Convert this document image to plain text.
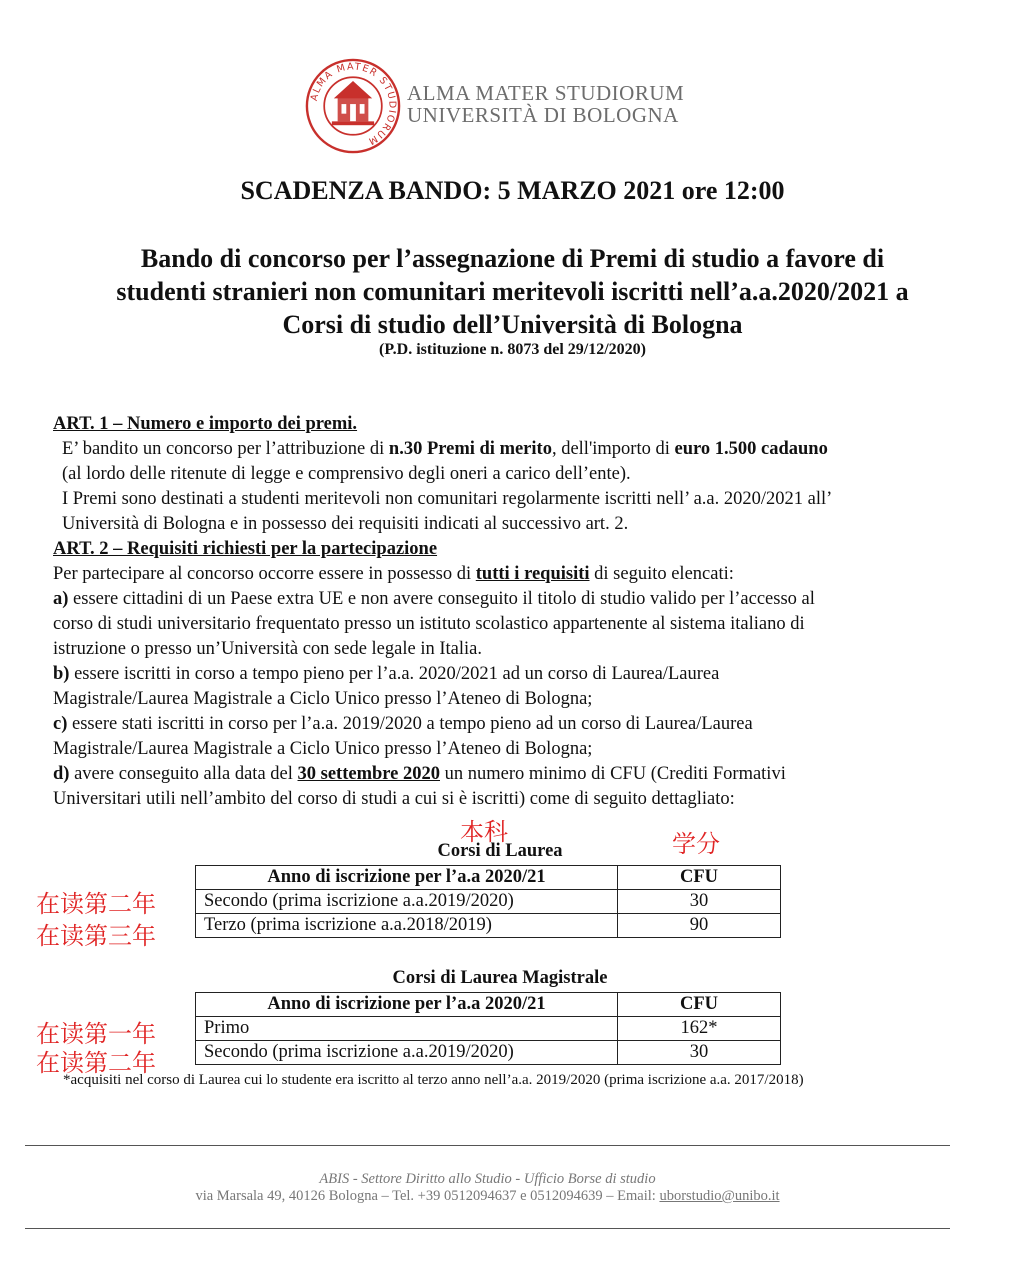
ALMA MATER STUDIORUM
ALMA MATER STUDIORUM
UNIVERSITÀ DI BOLOGNA
SCADENZA BANDO: 5 MARZO 2021 ore 12:00
Bando di concorso per l’assegnazione di Premi di studio a favore di
studenti stranieri non comunitari meritevoli iscritti nell’a.a.2020/2021 a
Corsi di studio dell’Università di Bologna
(P.D. istituzione n. 8073 del 29/12/2020)

ART. 1 – Numero e importo dei premi.

E’ bandito un concorso per l’attribuzione di n.30 Premi di merito, dell'importo di euro 1.500 cadauno

(al lordo delle ritenute di legge e comprensivo degli oneri a carico dell’ente).

I Premi sono destinati a studenti meritevoli non comunitari regolarmente iscritti nell’ a.a. 2020/2021 all’

Università di Bologna e in possesso dei requisiti indicati al successivo art. 2.

ART. 2 – Requisiti richiesti per la partecipazione

Per partecipare al concorso occorre essere in possesso di tutti i requisiti di seguito elencati:

a) essere cittadini di un Paese extra UE e non avere conseguito il titolo di studio valido per l’accesso al

corso di studi universitario frequentato presso un istituto scolastico appartenente al sistema italiano di

istruzione o presso un’Università con sede legale in Italia.

b) essere iscritti in corso a tempo pieno per l’a.a. 2020/2021 ad un corso di Laurea/Laurea

Magistrale/Laurea Magistrale a Ciclo Unico presso l’Ateneo di Bologna;

c) essere stati iscritti in corso per l’a.a. 2019/2020 a tempo pieno ad un corso di Laurea/Laurea

Magistrale/Laurea Magistrale a Ciclo Unico presso l’Ateneo di Bologna;

d) avere conseguito alla data del 30 settembre 2020 un numero minimo di CFU (Crediti Formativi

Universitari utili nell’ambito del corso di studi a cui si è iscritti) come di seguito dettagliato:

本科	学分
在读第二年
在读第三年
在读第一年
在读第二年
Corsi di Laurea
Anno di iscrizione per l’a.a 2020/21	CFU
Secondo (prima iscrizione a.a.2019/2020)	30
Terzo (prima iscrizione a.a.2018/2019)	90
Corsi di Laurea Magistrale
Anno di iscrizione per l’a.a 2020/21	CFU
Primo	162*
Secondo (prima iscrizione a.a.2019/2020)	30
*acquisiti nel corso di Laurea cui lo studente era iscritto al terzo anno nell’a.a. 2019/2020 (prima iscrizione a.a. 2017/2018)
ABIS - Settore Diritto allo Studio - Ufficio Borse di studio
via Marsala 49, 40126 Bologna – Tel. +39 0512094637 e 0512094639 – Email: uborstudio@unibo.it
